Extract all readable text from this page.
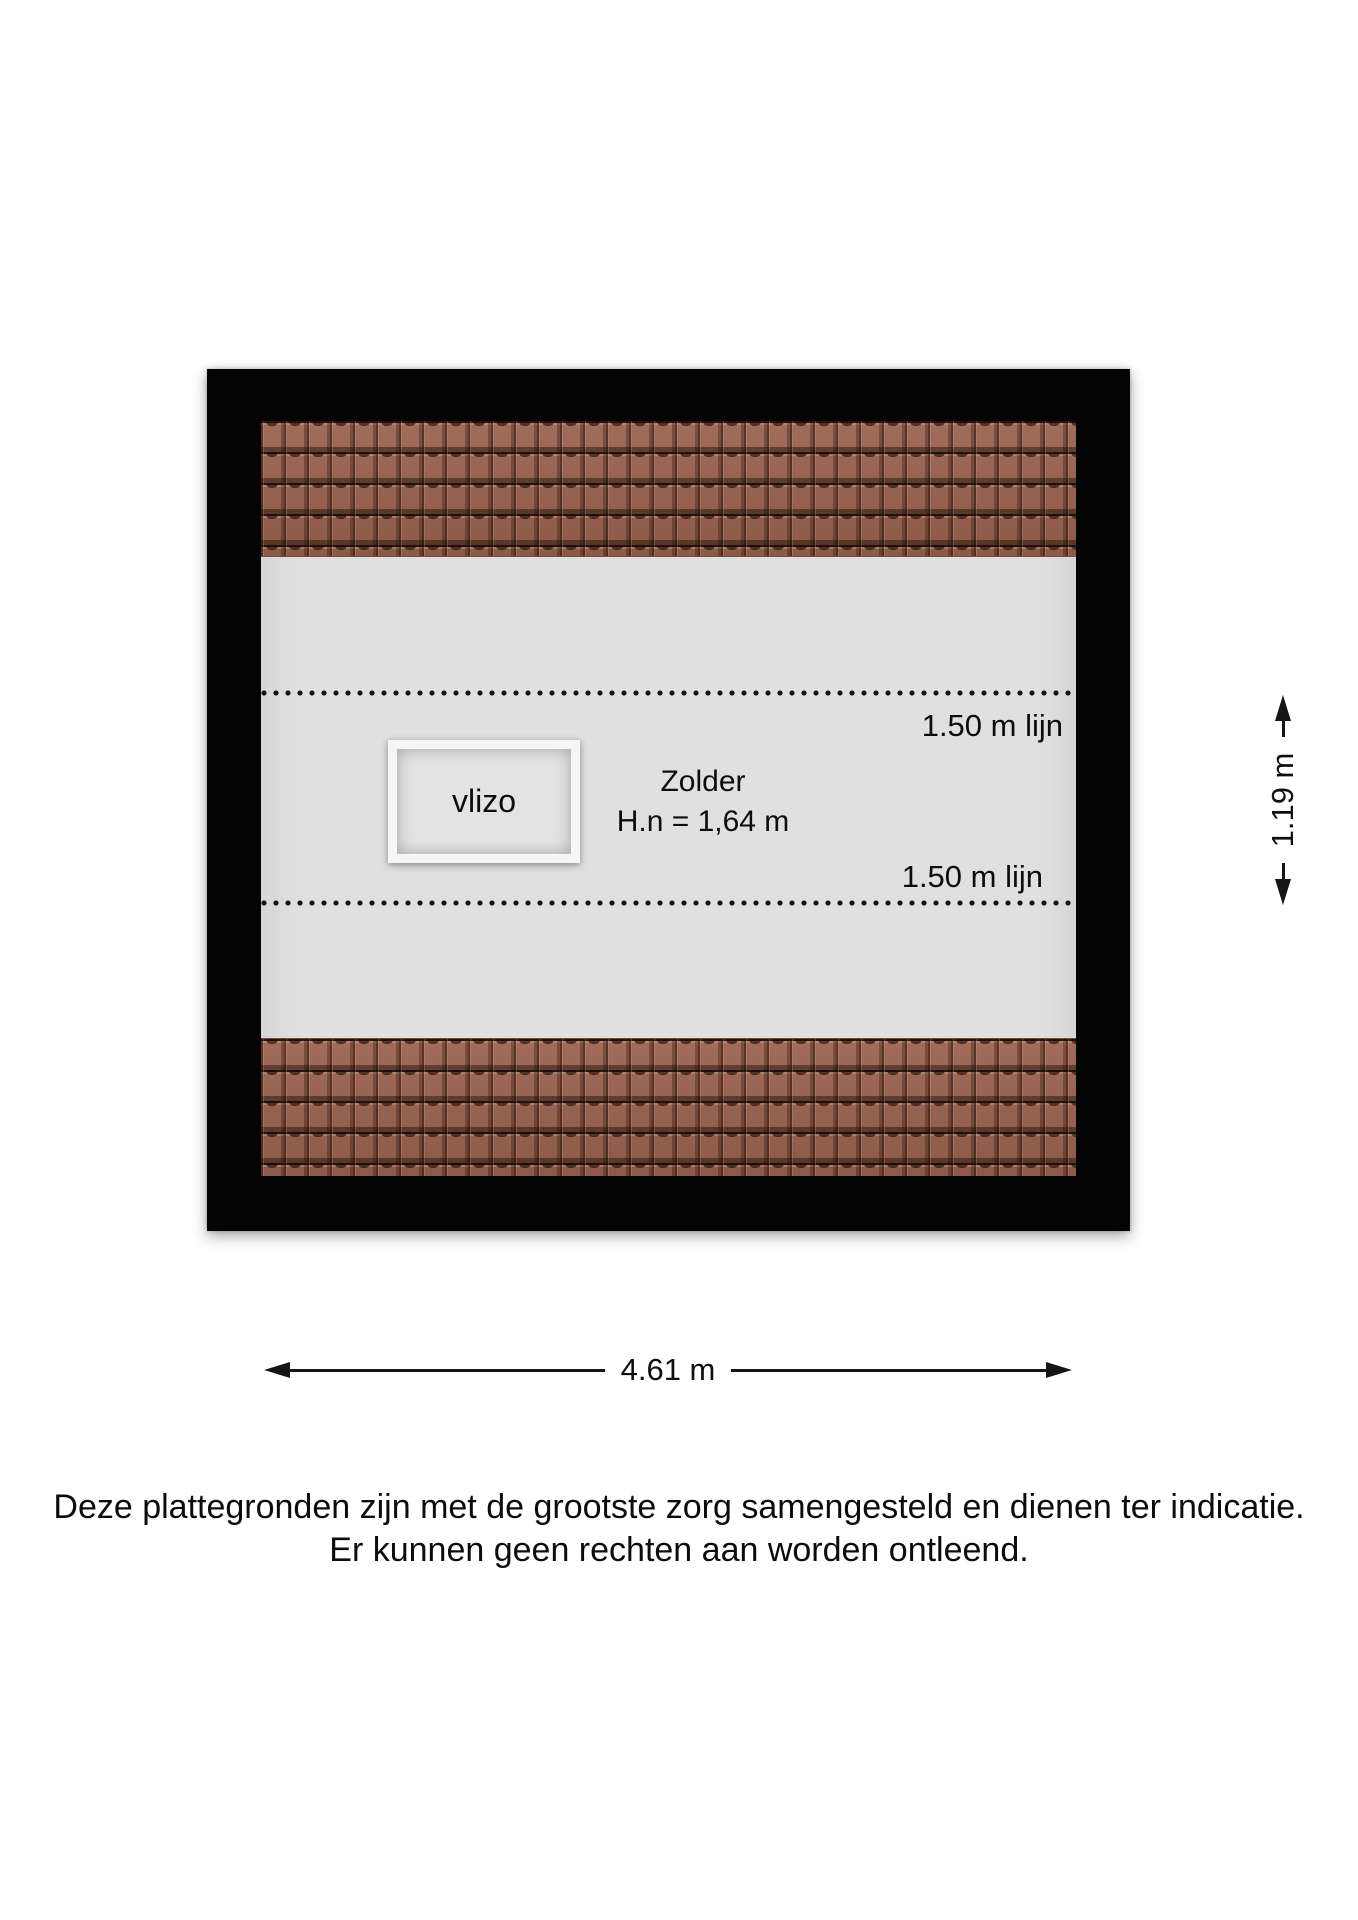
1.50 m lijn
1.50 m lijn
vlizo
Zolder
H.n = 1,64 m
4.61 m
1.19 m
Deze plattegronden zijn met de grootste zorg samengesteld en dienen ter indicatie.
Er kunnen geen rechten aan worden ontleend.
